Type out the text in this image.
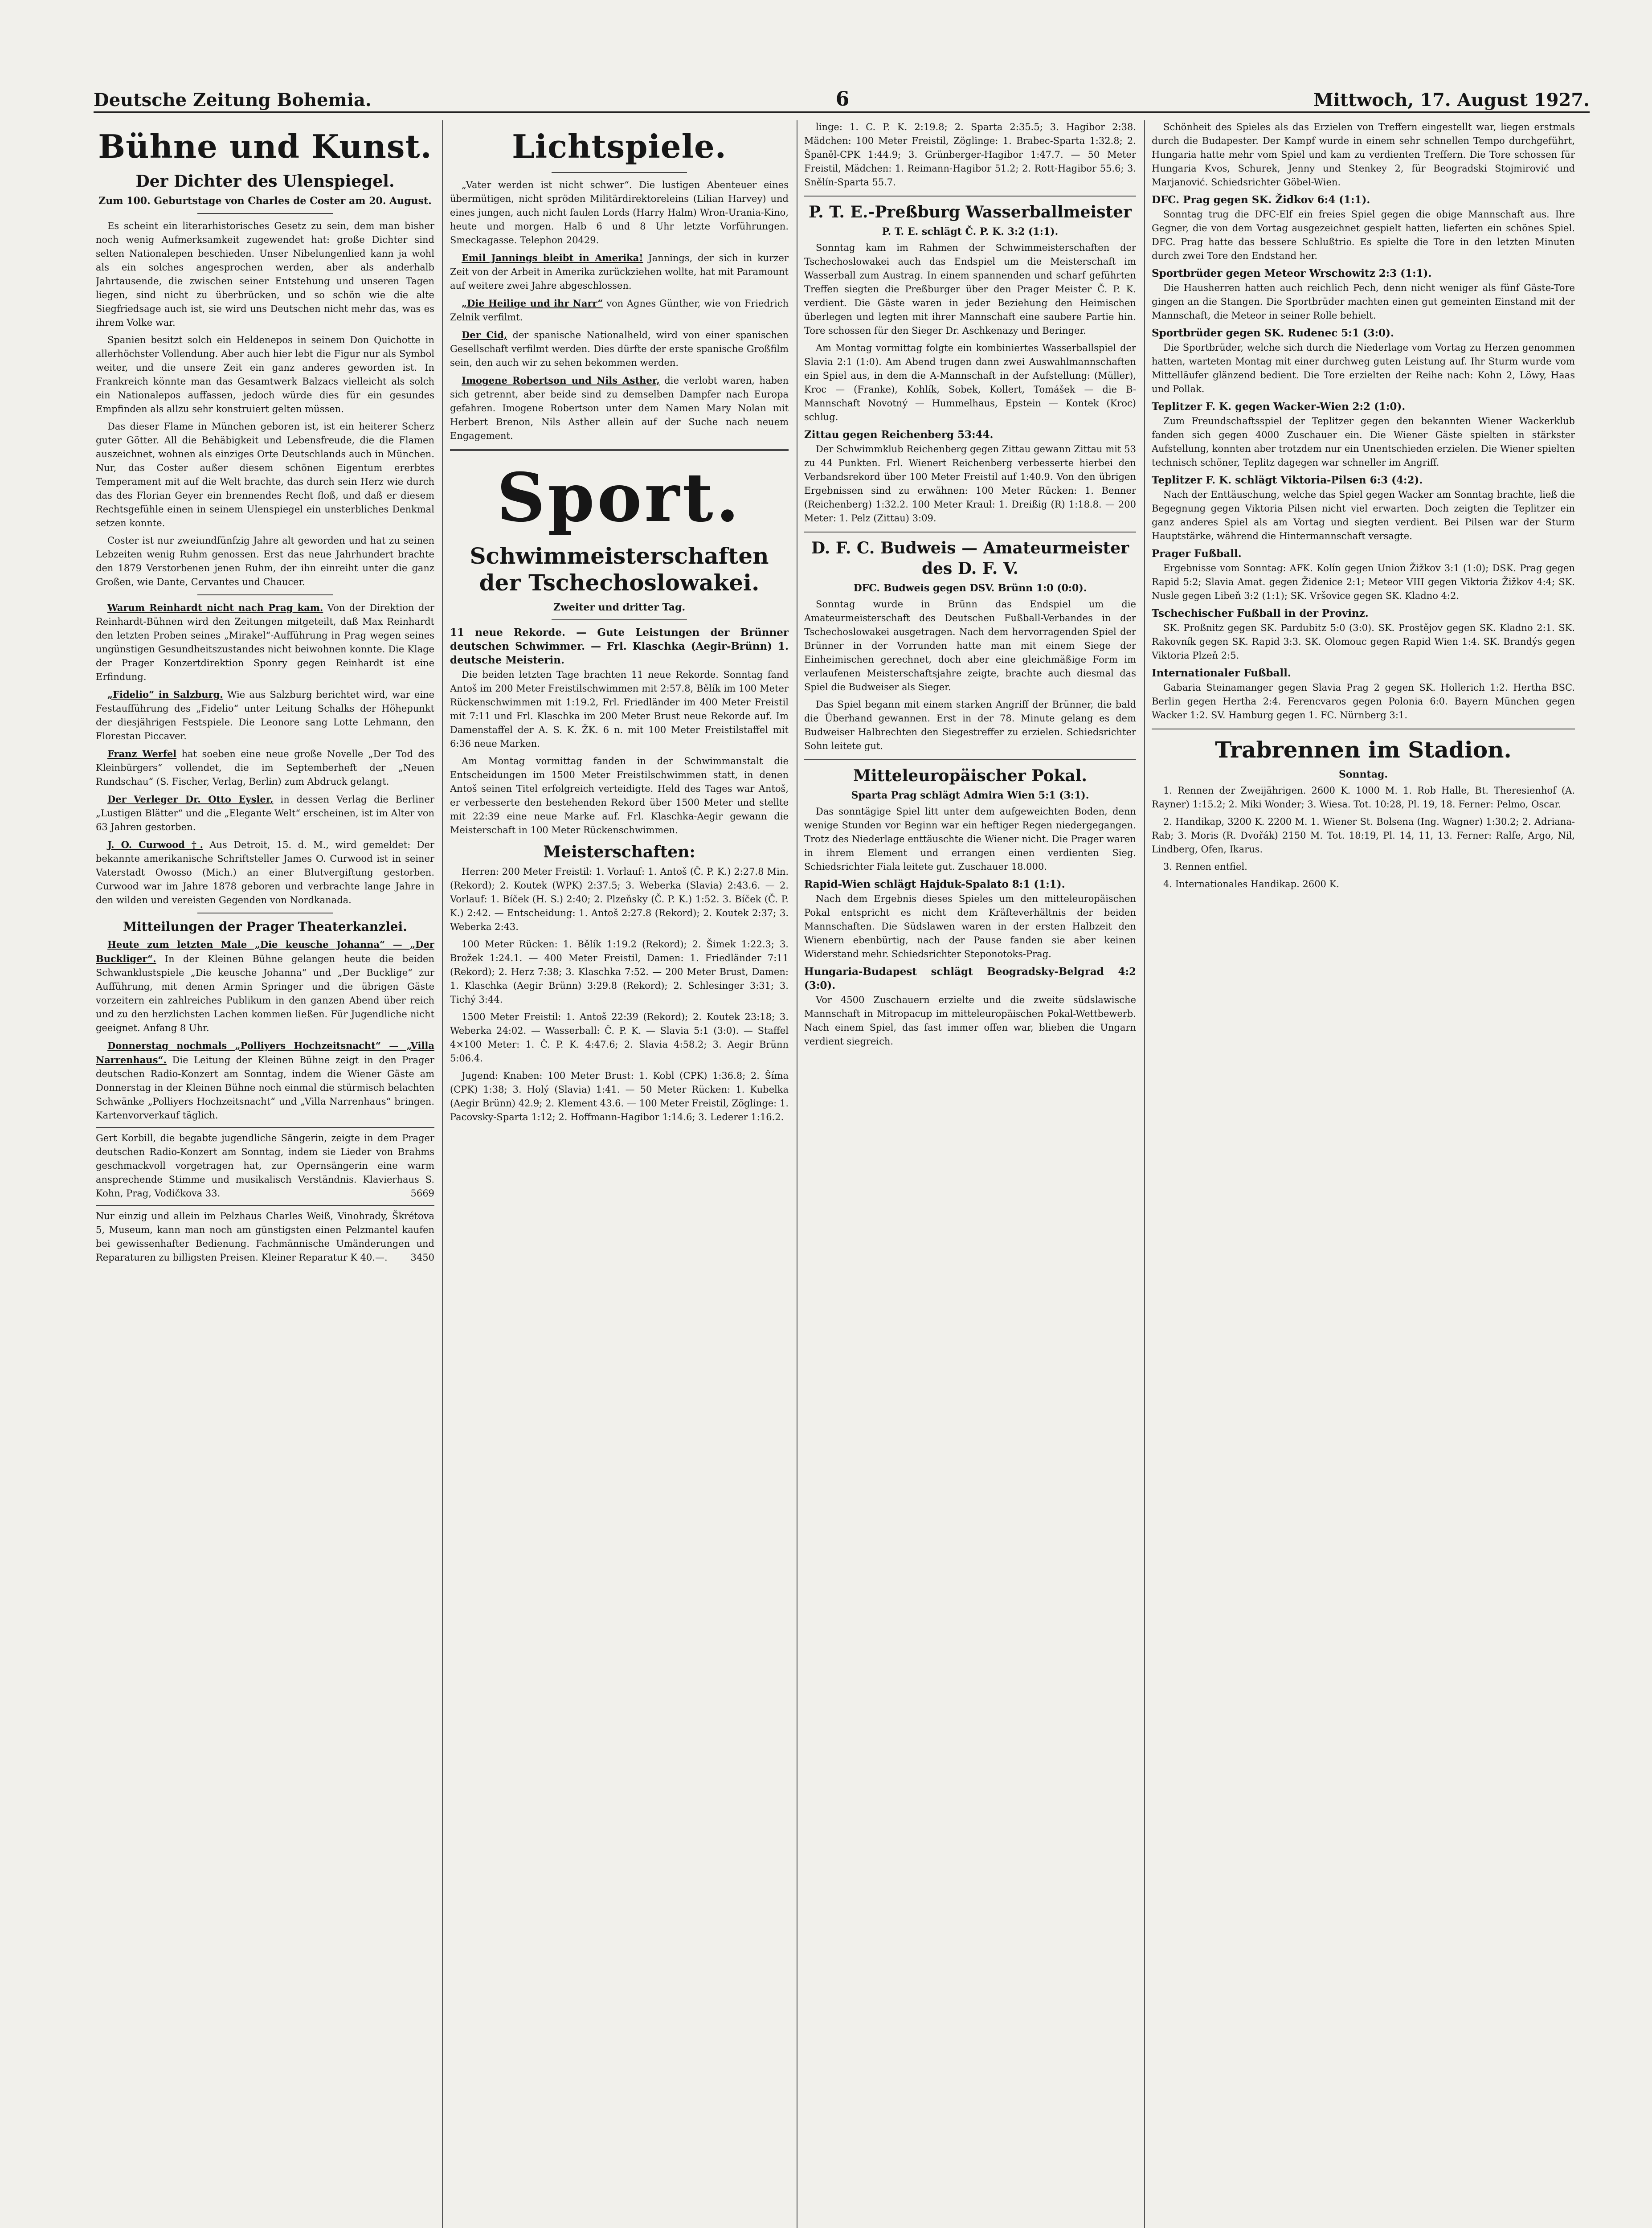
Deutsche Zeitung Bohemia.	6	Mittwoch, 17. August 1927.
Bühne und Kunst.
Der Dichter des Ulenspiegel.
Zum 100. Geburtstage von Charles de Coster am 20. August.

Es scheint ein literarhistorisches Gesetz zu sein, dem man bisher noch wenig Aufmerksamkeit zugewendet hat: große Dichter sind selten Nationalepen beschieden. Unser Nibelungenlied kann ja wohl als ein solches angesprochen werden, aber als anderhalb Jahrtausende, die zwischen seiner Entstehung und unseren Tagen liegen, sind nicht zu überbrücken, und so schön wie die alte Siegfriedsage auch ist, sie wird uns Deutschen nicht mehr das, was es ihrem Volke war.

Spanien besitzt solch ein Heldenepos in seinem Don Quichotte in allerhöchster Vollendung. Aber auch hier lebt die Figur nur als Symbol weiter, und die unsere Zeit ein ganz anderes geworden ist. In Frankreich könnte man das Gesamtwerk Balzacs vielleicht als solch ein Nationalepos auffassen, jedoch würde dies für ein gesundes Empfinden als allzu sehr konstruiert gelten müssen.

Das dieser Flame in München geboren ist, ist ein heiterer Scherz guter Götter. All die Behäbigkeit und Lebensfreude, die die Flamen auszeichnet, wohnen als einziges Orte Deutschlands auch in München. Nur, das Coster außer diesem schönen Eigentum ererbtes Temperament mit auf die Welt brachte, das durch sein Herz wie durch das des Florian Geyer ein brennendes Recht floß, und daß er diesem Rechtsgefühle einen in seinem Ulenspiegel ein unsterbliches Denkmal setzen konnte.

Coster ist nur zweiundfünfzig Jahre alt geworden und hat zu seinen Lebzeiten wenig Ruhm genossen. Erst das neue Jahrhundert brachte den 1879 Verstorbenen jenen Ruhm, der ihn einreiht unter die ganz Großen, wie Dante, Cervantes und Chaucer.

Warum Reinhardt nicht nach Prag kam. Von der Direktion der Reinhardt-Bühnen wird den Zeitungen mitgeteilt, daß Max Reinhardt den letzten Proben seines „Mirakel“-Aufführung in Prag wegen seines ungünstigen Gesundheitszustandes nicht beiwohnen konnte. Die Klage der Prager Konzertdirektion Sponry gegen Reinhardt ist eine Erfindung.

„Fidelio“ in Salzburg. Wie aus Salzburg berichtet wird, war eine Festaufführung des „Fidelio“ unter Leitung Schalks der Höhepunkt der diesjährigen Festspiele. Die Leonore sang Lotte Lehmann, den Florestan Piccaver.

Franz Werfel hat soeben eine neue große Novelle „Der Tod des Kleinbürgers“ vollendet, die im Septemberheft der „Neuen Rundschau“ (S. Fischer, Verlag, Berlin) zum Abdruck gelangt.

Der Verleger Dr. Otto Eysler, in dessen Verlag die Berliner „Lustigen Blätter“ und die „Elegante Welt“ erscheinen, ist im Alter von 63 Jahren gestorben.

J. O. Curwood †. Aus Detroit, 15. d. M., wird gemeldet: Der bekannte amerikanische Schriftsteller James O. Curwood ist in seiner Vaterstadt Owosso (Mich.) an einer Blutvergiftung gestorben. Curwood war im Jahre 1878 geboren und verbrachte lange Jahre in den wilden und vereisten Gegenden von Nordkanada.

Mitteilungen der Prager Theaterkanzlei.

Heute zum letzten Male „Die keusche Johanna“ — „Der Buckliger“. In der Kleinen Bühne gelangen heute die beiden Schwanklustspiele „Die keusche Johanna“ und „Der Bucklige“ zur Aufführung, mit denen Armin Springer und die übrigen Gäste vorzeitern ein zahlreiches Publikum in den ganzen Abend über reich und zu den herzlichsten Lachen kommen ließen. Für Jugendliche nicht geeignet. Anfang 8 Uhr.

Donnerstag nochmals „Polliyers Hochzeitsnacht“ — „Villa Narrenhaus“. Die Leitung der Kleinen Bühne zeigt in den Prager deutschen Radio-Konzert am Sonntag, indem die Wiener Gäste am Donnerstag in der Kleinen Bühne noch einmal die stürmisch belachten Schwänke „Polliyers Hochzeitsnacht“ und „Villa Narrenhaus“ bringen. Kartenvorverkauf täglich.

Gert Korbill, die begabte jugendliche Sängerin, zeigte in dem Prager deutschen Radio-Konzert am Sonntag, indem sie Lieder von Brahms geschmackvoll vorgetragen hat, zur Opernsängerin eine warm ansprechende Stimme und musikalisch Verständnis. Klavierhaus S. Kohn, Prag, Vodičkova 33.	5669
Nur einzig und allein im Pelzhaus Charles Weiß, Vinohrady, Škrétova 5, Museum, kann man noch am günstigsten einen Pelzmantel kaufen bei gewissenhafter Bedienung. Fachmännische Umänderungen und Reparaturen zu billigsten Preisen. Kleiner Reparatur K 40.—. 3450
Lichtspiele.

„Vater werden ist nicht schwer“. Die lustigen Abenteuer eines übermütigen, nicht spröden Militärdirektoreleins (Lilian Harvey) und eines jungen, auch nicht faulen Lords (Harry Halm) Wron-Urania-Kino, heute und morgen. Halb 6 und 8 Uhr letzte Vorführungen. Smeckagasse. Telephon 20429.

Emil Jannings bleibt in Amerika! Jannings, der sich in kurzer Zeit von der Arbeit in Amerika zurückziehen wollte, hat mit Paramount auf weitere zwei Jahre abgeschlossen.

„Die Heilige und ihr Narr“ von Agnes Günther, wie von Friedrich Zelnik verfilmt.

Der Cid, der spanische Nationalheld, wird von einer spanischen Gesellschaft verfilmt werden. Dies dürfte der erste spanische Großfilm sein, den auch wir zu sehen bekommen werden.

Imogene Robertson und Nils Asther, die verlobt waren, haben sich getrennt, aber beide sind zu demselben Dampfer nach Europa gefahren. Imogene Robertson unter dem Namen Mary Nolan mit Herbert Brenon, Nils Asther allein auf der Suche nach neuem Engagement.

Sport.
Schwimmeisterschaften der Tschechoslowakei.
Zweiter und dritter Tag.
11 neue Rekorde. — Gute Leistungen der Brünner deutschen Schwimmer. — Frl. Klaschka (Aegir-Brünn) 1. deutsche Meisterin.

Die beiden letzten Tage brachten 11 neue Rekorde. Sonntag fand Antoš im 200 Meter Freistilschwimmen mit 2:57.8, Bělík im 100 Meter Rückenschwimmen mit 1:19.2, Frl. Friedländer im 400 Meter Freistil mit 7:11 und Frl. Klaschka im 200 Meter Brust neue Rekorde auf. Im Damenstaffel der A. S. K. ŽK. 6 n. mit 100 Meter Freistilstaffel mit 6:36 neue Marken.

Am Montag vormittag fanden in der Schwimmanstalt die Entscheidungen im 1500 Meter Freistilschwimmen statt, in denen Antoš seinen Titel erfolgreich verteidigte. Held des Tages war Antoš, er verbesserte den bestehenden Rekord über 1500 Meter und stellte mit 22:39 eine neue Marke auf. Frl. Klaschka-Aegir gewann die Meisterschaft in 100 Meter Rückenschwimmen.

Meisterschaften:

Herren: 200 Meter Freistil: 1. Vorlauf: 1. Antoš (Č. P. K.) 2:27.8 Min. (Rekord); 2. Koutek (WPK) 2:37.5; 3. Weberka (Slavia) 2:43.6. — 2. Vorlauf: 1. Bíček (H. S.) 2:40; 2. Plzeňsky (Č. P. K.) 1:52. 3. Bíček (Č. P. K.) 2:42. — Entscheidung: 1. Antoš 2:27.8 (Rekord); 2. Koutek 2:37; 3. Weberka 2:43.

100 Meter Rücken: 1. Bělík 1:19.2 (Rekord); 2. Šimek 1:22.3; 3. Brožek 1:24.1. — 400 Meter Freistil, Damen: 1. Friedländer 7:11 (Rekord); 2. Herz 7:38; 3. Klaschka 7:52. — 200 Meter Brust, Damen: 1. Klaschka (Aegir Brünn) 3:29.8 (Rekord); 2. Schlesinger 3:31; 3. Tichý 3:44.

1500 Meter Freistil: 1. Antoš 22:39 (Rekord); 2. Koutek 23:18; 3. Weberka 24:02. — Wasserball: Č. P. K. — Slavia 5:1 (3:0). — Staffel 4×100 Meter: 1. Č. P. K. 4:47.6; 2. Slavia 4:58.2; 3. Aegir Brünn 5:06.4.

Jugend: Knaben: 100 Meter Brust: 1. Kobl (CPK) 1:36.8; 2. Šíma (CPK) 1:38; 3. Holý (Slavia) 1:41. — 50 Meter Rücken: 1. Kubelka (Aegir Brünn) 42.9; 2. Klement 43.6. — 100 Meter Freistil, Zöglinge: 1. Pacovsky-Sparta 1:12; 2. Hoffmann-Hagibor 1:14.6; 3. Lederer 1:16.2.

linge: 1. C. P. K. 2:19.8; 2. Sparta 2:35.5; 3. Hagibor 2:38. Mädchen: 100 Meter Freistil, Zöglinge: 1. Brabec-Sparta 1:32.8; 2. Španěl-CPK 1:44.9; 3. Grünberger-Hagibor 1:47.7. — 50 Meter Freistil, Mädchen: 1. Reimann-Hagibor 51.2; 2. Rott-Hagibor 55.6; 3. Snělín-Sparta 55.7.

P. T. E.-Preßburg Wasserballmeister
P. T. E. schlägt Č. P. K. 3:2 (1:1).

Sonntag kam im Rahmen der Schwimmeisterschaften der Tschechoslowakei auch das Endspiel um die Meisterschaft im Wasserball zum Austrag. In einem spannenden und scharf geführten Treffen siegten die Preßburger über den Prager Meister Č. P. K. verdient. Die Gäste waren in jeder Beziehung den Heimischen überlegen und legten mit ihrer Mannschaft eine saubere Partie hin. Tore schossen für den Sieger Dr. Aschkenazy und Beringer.

Am Montag vormittag folgte ein kombiniertes Wasserballspiel der Slavia 2:1 (1:0). Am Abend trugen dann zwei Auswahlmannschaften ein Spiel aus, in dem die A-Mannschaft in der Aufstellung: (Müller), Kroc — (Franke), Kohlík, Sobek, Kollert, Tomášek — die B-Mannschaft Novotný — Hummelhaus, Epstein — Kontek (Kroc) schlug.

Zittau gegen Reichenberg 53:44.

Der Schwimmklub Reichenberg gegen Zittau gewann Zittau mit 53 zu 44 Punkten. Frl. Wienert Reichenberg verbesserte hierbei den Verbandsrekord über 100 Meter Freistil auf 1:40.9. Von den übrigen Ergebnissen sind zu erwähnen: 100 Meter Rücken: 1. Benner (Reichenberg) 1:32.2. 100 Meter Kraul: 1. Dreißig (R) 1:18.8. — 200 Meter: 1. Pelz (Zittau) 3:09.

D. F. C. Budweis — Amateurmeister des D. F. V.
DFC. Budweis gegen DSV. Brünn 1:0 (0:0).

Sonntag wurde in Brünn das Endspiel um die Amateurmeisterschaft des Deutschen Fußball-Verbandes in der Tschechoslowakei ausgetragen. Nach dem hervorragenden Spiel der Brünner in der Vorrunden hatte man mit einem Siege der Einheimischen gerechnet, doch aber eine gleichmäßige Form im verlaufenen Meisterschaftsjahre zeigte, brachte auch diesmal das Spiel die Budweiser als Sieger.

Das Spiel begann mit einem starken Angriff der Brünner, die bald die Überhand gewannen. Erst in der 78. Minute gelang es dem Budweiser Halbrechten den Siegestreffer zu erzielen. Schiedsrichter Sohn leitete gut.

Mitteleuropäischer Pokal.
Sparta Prag schlägt Admira Wien 5:1 (3:1).

Das sonntägige Spiel litt unter dem aufgeweichten Boden, denn wenige Stunden vor Beginn war ein heftiger Regen niedergegangen. Trotz des Niederlage enttäuschte die Wiener nicht. Die Prager waren in ihrem Element und errangen einen verdienten Sieg. Schiedsrichter Fiala leitete gut. Zuschauer 18.000.

Rapid-Wien schlägt Hajduk-Spalato 8:1 (1:1).

Nach dem Ergebnis dieses Spieles um den mitteleuropäischen Pokal entspricht es nicht dem Kräfteverhältnis der beiden Mannschaften. Die Südslawen waren in der ersten Halbzeit den Wienern ebenbürtig, nach der Pause fanden sie aber keinen Widerstand mehr. Schiedsrichter Steponotoks-Prag.

Hungaria-Budapest schlägt Beogradsky-Belgrad 4:2 (3:0).

Vor 4500 Zuschauern erzielte und die zweite südslawische Mannschaft in Mitropacup im mitteleuropäischen Pokal-Wettbewerb. Nach einem Spiel, das fast immer offen war, blieben die Ungarn verdient siegreich.

Schönheit des Spieles als das Erzielen von Treffern eingestellt war, liegen erstmals durch die Budapester. Der Kampf wurde in einem sehr schnellen Tempo durchgeführt, Hungaria hatte mehr vom Spiel und kam zu verdienten Treffern. Die Tore schossen für Hungaria Kvos, Schurek, Jenny und Stenkey 2, für Beogradski Stojmirović und Marjanović. Schiedsrichter Göbel-Wien.

DFC. Prag gegen SK. Židkov 6:4 (1:1).

Sonntag trug die DFC-Elf ein freies Spiel gegen die obige Mannschaft aus. Ihre Gegner, die von dem Vortag ausgezeichnet gespielt hatten, lieferten ein schönes Spiel. DFC. Prag hatte das bessere Schlußtrio. Es spielte die Tore in den letzten Minuten durch zwei Tore den Endstand her.

Sportbrüder gegen Meteor Wrschowitz 2:3 (1:1).

Die Hausherren hatten auch reichlich Pech, denn nicht weniger als fünf Gäste-Tore gingen an die Stangen. Die Sportbrüder machten einen gut gemeinten Einstand mit der Mannschaft, die Meteor in seiner Rolle behielt.

Sportbrüder gegen SK. Rudenec 5:1 (3:0).

Die Sportbrüder, welche sich durch die Niederlage vom Vortag zu Herzen genommen hatten, warteten Montag mit einer durchweg guten Leistung auf. Ihr Sturm wurde vom Mittelläufer glänzend bedient. Die Tore erzielten der Reihe nach: Kohn 2, Löwy, Haas und Pollak.

Teplitzer F. K. gegen Wacker-Wien 2:2 (1:0).

Zum Freundschaftsspiel der Teplitzer gegen den bekannten Wiener Wackerklub fanden sich gegen 4000 Zuschauer ein. Die Wiener Gäste spielten in stärkster Aufstellung, konnten aber trotzdem nur ein Unentschieden erzielen. Die Wiener spielten technisch schöner, Teplitz dagegen war schneller im Angriff.

Teplitzer F. K. schlägt Viktoria-Pilsen 6:3 (4:2).

Nach der Enttäuschung, welche das Spiel gegen Wacker am Sonntag brachte, ließ die Begegnung gegen Viktoria Pilsen nicht viel erwarten. Doch zeigten die Teplitzer ein ganz anderes Spiel als am Vortag und siegten verdient. Bei Pilsen war der Sturm Hauptstärke, während die Hintermannschaft versagte.

Prager Fußball.

Ergebnisse vom Sonntag: AFK. Kolín gegen Union Žižkov 3:1 (1:0); DSK. Prag gegen Rapid 5:2; Slavia Amat. gegen Židenice 2:1; Meteor VIII gegen Viktoria Žižkov 4:4; SK. Nusle gegen Libeň 3:2 (1:1); SK. Vršovice gegen SK. Kladno 4:2.

Tschechischer Fußball in der Provinz.

SK. Proßnitz gegen SK. Pardubitz 5:0 (3:0). SK. Prostějov gegen SK. Kladno 2:1. SK. Rakovník gegen SK. Rapid 3:3. SK. Olomouc gegen Rapid Wien 1:4. SK. Brandýs gegen Viktoria Plzeň 2:5.

Internationaler Fußball.

Gabaria Steinamanger gegen Slavia Prag 2 gegen SK. Hollerich 1:2. Hertha BSC. Berlin gegen Hertha 2:4. Ferencvaros gegen Polonia 6:0. Bayern München gegen Wacker 1:2. SV. Hamburg gegen 1. FC. Nürnberg 3:1.

Trabrennen im Stadion.
Sonntag.

1. Rennen der Zweijährigen. 2600 K. 1000 M. 1. Rob Halle, Bt. Theresienhof (A. Rayner) 1:15.2; 2. Miki Wonder; 3. Wiesa. Tot. 10:28, Pl. 19, 18. Ferner: Pelmo, Oscar.

2. Handikap, 3200 K. 2200 M. 1. Wiener St. Bolsena (Ing. Wagner) 1:30.2; 2. Adriana-Rab; 3. Moris (R. Dvořák) 2150 M. Tot. 18:19, Pl. 14, 11, 13. Ferner: Ralfe, Argo, Nil, Lindberg, Ofen, Ikarus.

3. Rennen entfiel.

4. Internationales Handikap. 2600 K.
